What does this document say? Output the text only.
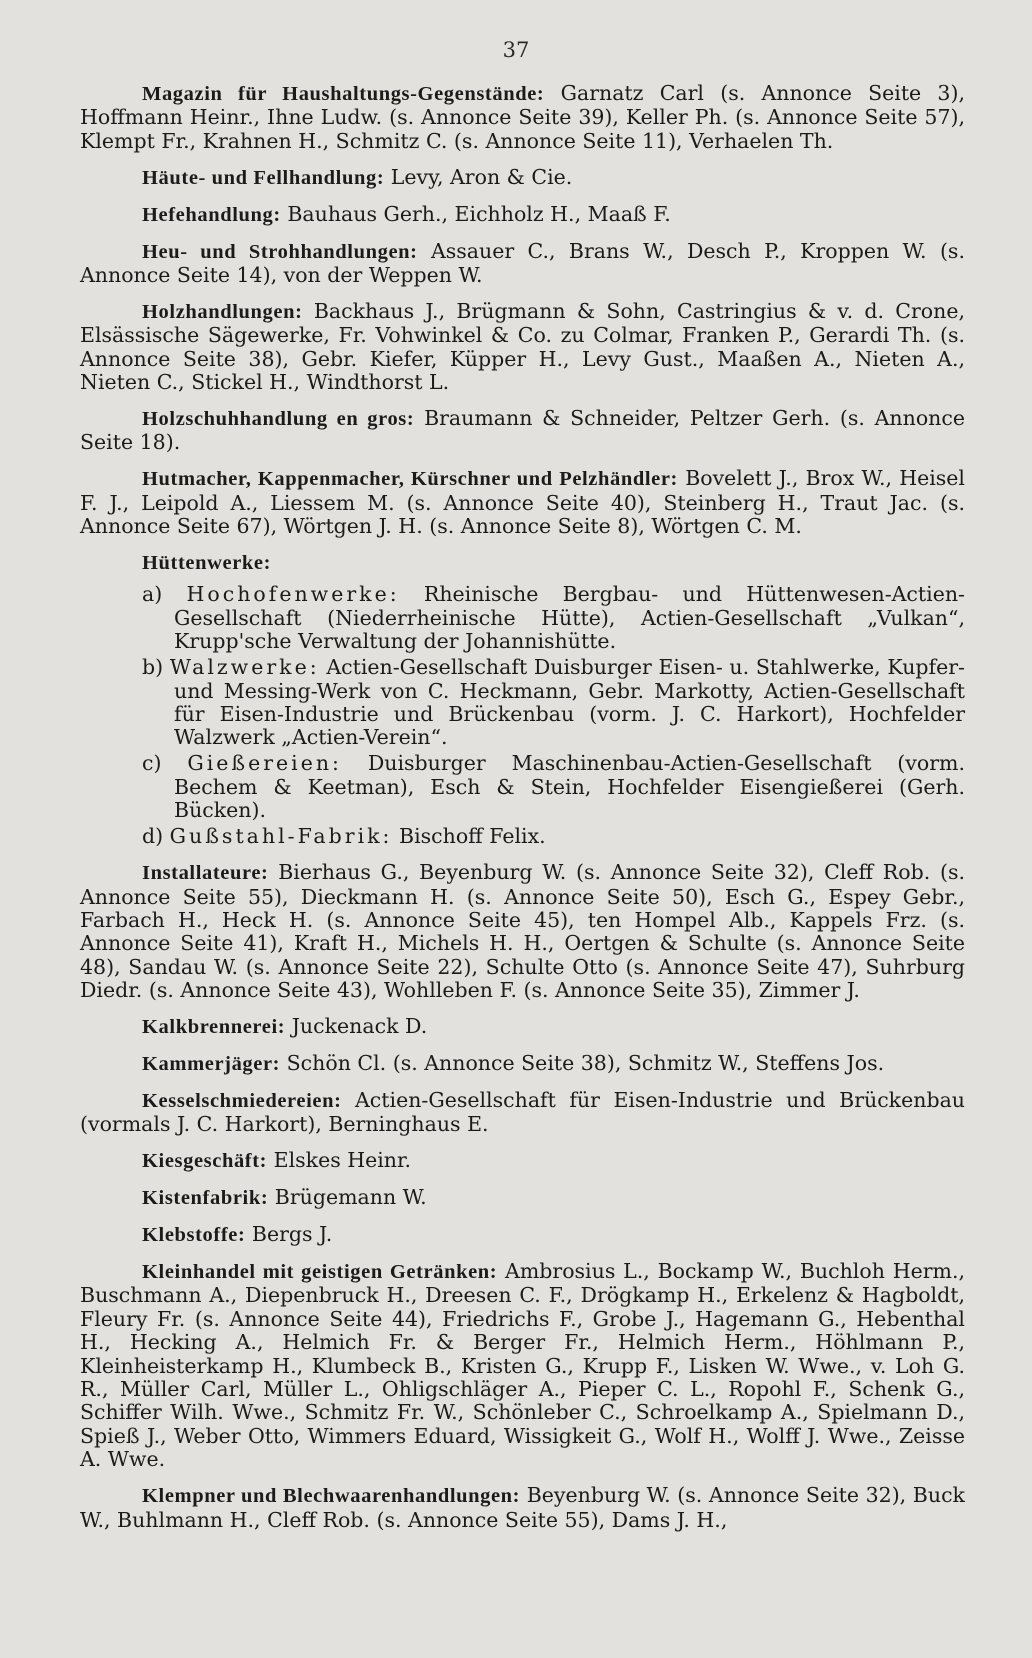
37

Magazin für Haushaltungs-Gegenstände: Garnatz Carl (s. Annonce Seite 3), Hoffmann Heinr., Ihne Ludw. (s. Annonce Seite 39), Keller Ph. (s. Annonce Seite 57), Klempt Fr., Krahnen H., Schmitz C. (s. Annonce Seite 11), Verhaelen Th.

Häute- und Fellhandlung: Levy, Aron & Cie.

Hefehandlung: Bauhaus Gerh., Eichholz H., Maaß F.

Heu- und Strohhandlungen: Assauer C., Brans W., Desch P., Kroppen W. (s. Annonce Seite 14), von der Weppen W.

Holzhandlungen: Backhaus J., Brügmann & Sohn, Castringius & v. d. Crone, Elsässische Sägewerke, Fr. Vohwinkel & Co. zu Colmar, Franken P., Gerardi Th. (s. Annonce Seite 38), Gebr. Kiefer, Küpper H., Levy Gust., Maaßen A., Nieten A., Nieten C., Stickel H., Windthorst L.

Holzschuhhandlung en gros: Braumann & Schneider, Peltzer Gerh. (s. Annonce Seite 18).

Hutmacher, Kappenmacher, Kürschner und Pelzhändler: Bovelett J., Brox W., Heisel F. J., Leipold A., Liessem M. (s. Annonce Seite 40), Steinberg H., Traut Jac. (s. Annonce Seite 67), Wörtgen J. H. (s. Annonce Seite 8), Wörtgen C. M.

Hüttenwerke:

a) Hochofenwerke: Rheinische Bergbau- und Hüttenwesen-Actien-Gesellschaft (Niederrheinische Hütte), Actien-Gesellschaft „Vulkan“, Krupp'sche Verwaltung der Johannishütte.

b) Walzwerke: Actien-Gesellschaft Duisburger Eisen- u. Stahlwerke, Kupfer- und Messing-Werk von C. Heckmann, Gebr. Markotty, Actien-Gesellschaft für Eisen-Industrie und Brückenbau (vorm. J. C. Harkort), Hochfelder Walzwerk „Actien-Verein“.

c) Gießereien: Duisburger Maschinenbau-Actien-Gesellschaft (vorm. Bechem & Keetman), Esch & Stein, Hochfelder Eisengießerei (Gerh. Bücken).

d) Gußstahl-Fabrik: Bischoff Felix.

Installateure: Bierhaus G., Beyenburg W. (s. Annonce Seite 32), Cleff Rob. (s. Annonce Seite 55), Dieckmann H. (s. Annonce Seite 50), Esch G., Espey Gebr., Farbach H., Heck H. (s. Annonce Seite 45), ten Hompel Alb., Kappels Frz. (s. Annonce Seite 41), Kraft H., Michels H. H., Oertgen & Schulte (s. Annonce Seite 48), Sandau W. (s. Annonce Seite 22), Schulte Otto (s. Annonce Seite 47), Suhrburg Diedr. (s. Annonce Seite 43), Wohlleben F. (s. Annonce Seite 35), Zimmer J.

Kalkbrennerei: Juckenack D.

Kammerjäger: Schön Cl. (s. Annonce Seite 38), Schmitz W., Steffens Jos.

Kesselschmiedereien: Actien-Gesellschaft für Eisen-Industrie und Brückenbau (vormals J. C. Harkort), Berninghaus E.

Kiesgeschäft: Elskes Heinr.

Kistenfabrik: Brügemann W.

Klebstoffe: Bergs J.

Kleinhandel mit geistigen Getränken: Ambrosius L., Bockamp W., Buchloh Herm., Buschmann A., Diepenbruck H., Dreesen C. F., Drögkamp H., Erkelenz & Hagboldt, Fleury Fr. (s. Annonce Seite 44), Friedrichs F., Grobe J., Hagemann G., Hebenthal H., Hecking A., Helmich Fr. & Berger Fr., Helmich Herm., Höhlmann P., Kleinheisterkamp H., Klumbeck B., Kristen G., Krupp F., Lisken W. Wwe., v. Loh G. R., Müller Carl, Müller L., Ohligschläger A., Pieper C. L., Ropohl F., Schenk G., Schiffer Wilh. Wwe., Schmitz Fr. W., Schönleber C., Schroelkamp A., Spielmann D., Spieß J., Weber Otto, Wimmers Eduard, Wissigkeit G., Wolf H., Wolff J. Wwe., Zeisse A. Wwe.

Klempner und Blechwaarenhandlungen: Beyenburg W. (s. Annonce Seite 32), Buck W., Buhlmann H., Cleff Rob. (s. Annonce Seite 55), Dams J. H.,
